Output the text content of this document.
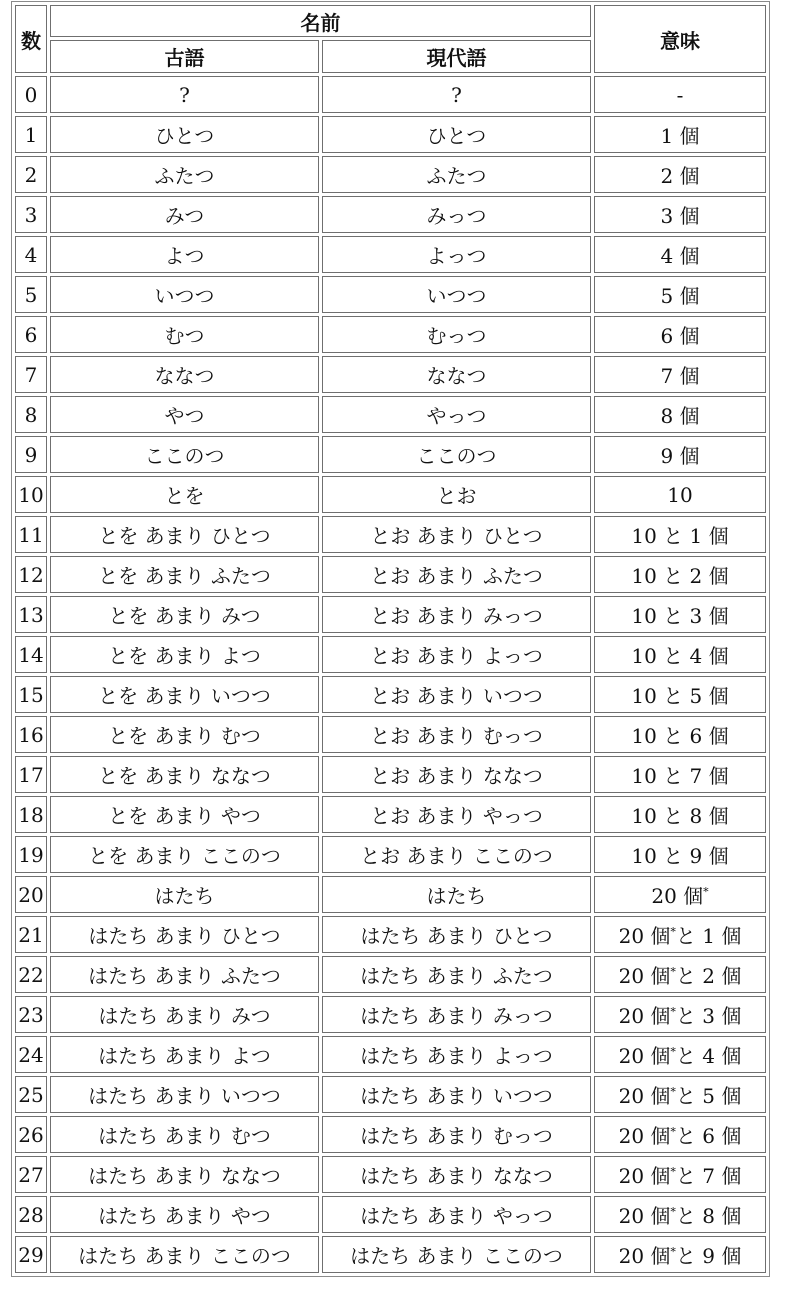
数	名前		意味
	古語	現代語	
0	?	?	-
1	ひとつ	ひとつ	1 個
2	ふたつ	ふたつ	2 個
3	みつ	みっつ	3 個
4	よつ	よっつ	4 個
5	いつつ	いつつ	5 個
6	むつ	むっつ	6 個
7	ななつ	ななつ	7 個
8	やつ	やっつ	8 個
9	ここのつ	ここのつ	9 個
10	とを	とお	10
11	とを あまり ひとつ	とお あまり ひとつ	10 と 1 個
12	とを あまり ふたつ	とお あまり ふたつ	10 と 2 個
13	とを あまり みつ	とお あまり みっつ	10 と 3 個
14	とを あまり よつ	とお あまり よっつ	10 と 4 個
15	とを あまり いつつ	とお あまり いつつ	10 と 5 個
16	とを あまり むつ	とお あまり むっつ	10 と 6 個
17	とを あまり ななつ	とお あまり ななつ	10 と 7 個
18	とを あまり やつ	とお あまり やっつ	10 と 8 個
19	とを あまり ここのつ	とお あまり ここのつ	10 と 9 個
20	はたち	はたち	20 個*
21	はたち あまり ひとつ	はたち あまり ひとつ	20 個*と 1 個
22	はたち あまり ふたつ	はたち あまり ふたつ	20 個*と 2 個
23	はたち あまり みつ	はたち あまり みっつ	20 個*と 3 個
24	はたち あまり よつ	はたち あまり よっつ	20 個*と 4 個
25	はたち あまり いつつ	はたち あまり いつつ	20 個*と 5 個
26	はたち あまり むつ	はたち あまり むっつ	20 個*と 6 個
27	はたち あまり ななつ	はたち あまり ななつ	20 個*と 7 個
28	はたち あまり やつ	はたち あまり やっつ	20 個*と 8 個
29	はたち あまり ここのつ	はたち あまり ここのつ	20 個*と 9 個
